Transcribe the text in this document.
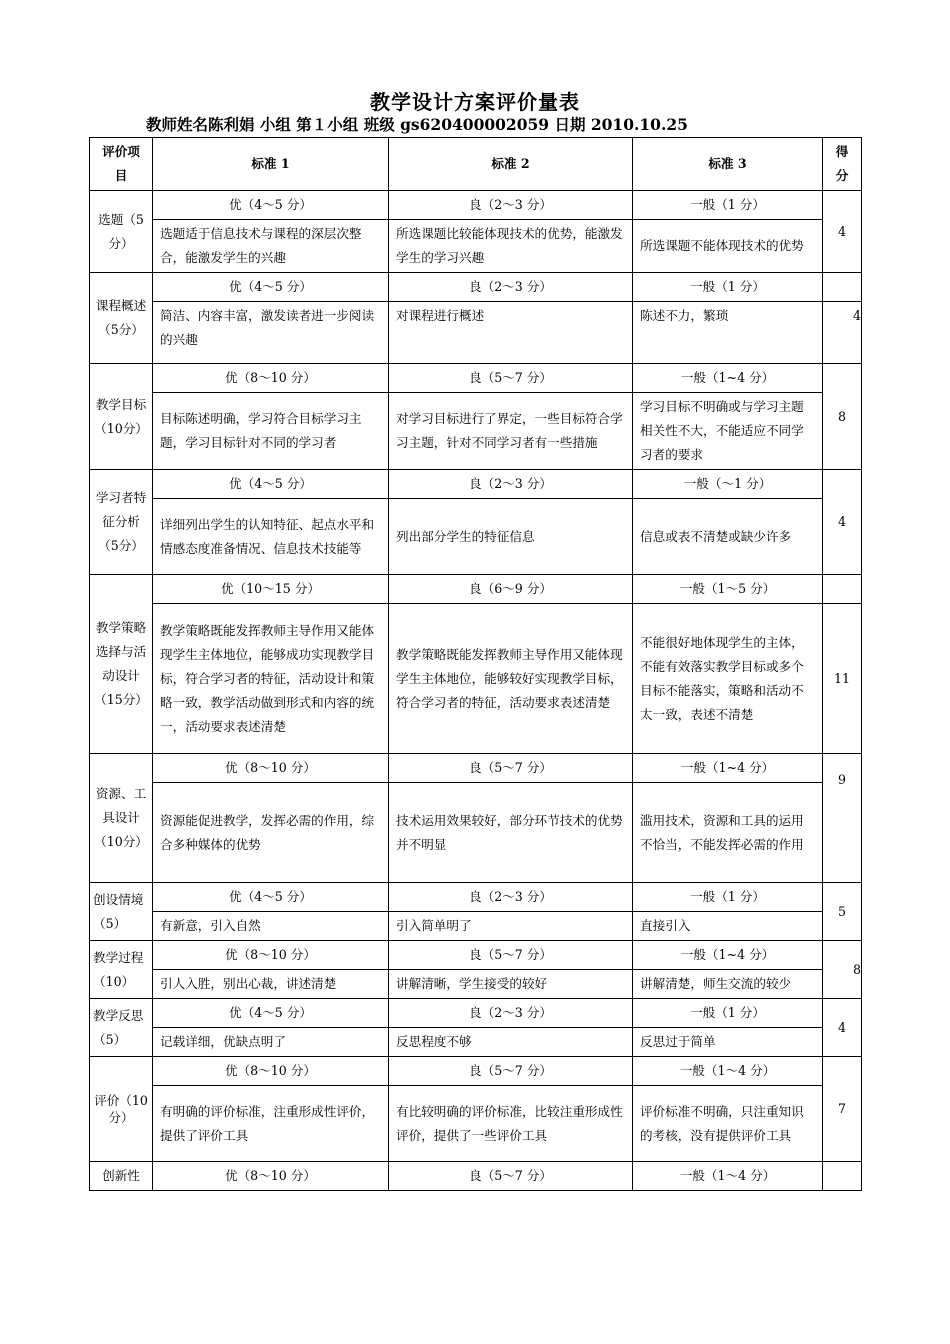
教学设计方案评价量表
教师姓名陈利娟 小组 第１小组 班级 gs620400002059 日期 2010.10.25
评价项目	标准 1	标准 2	标准 3	得分
选题（5分）	优（4～5 分）	良（2～3 分）	一般（1 分）	4
	选题适于信息技术与课程的深层次整合，能激发学生的兴趣	所选课题比较能体现技术的优势，能激发学生的学习兴趣	所选课题不能体现技术的优势	
课程概述（5分）	优（4～5 分）	良（2～3 分）	一般（1 分）	
	简洁、内容丰富，激发读者进一步阅读的兴趣	对课程进行概述	陈述不力，繁琐	4
教学目标（10分）	优（8～10 分）	良（5～7 分）	一般（1~4 分）	8
	目标陈述明确，学习符合目标学习主题，学习目标针对不同的学习者	对学习目标进行了界定，一些目标符合学习主题，针对不同学习者有一些措施	学习目标不明确或与学习主题相关性不大，不能适应不同学习者的要求	
学习者特征分析（5分）	优（4～5 分）	良（2～3 分）	一般（～1 分）	4
	详细列出学生的认知特征、起点水平和情感态度准备情况、信息技术技能等	列出部分学生的特征信息	信息或表不清楚或缺少许多	
教学策略选择与活动设计（15分）	优（10～15 分）	良（6～9 分）	一般（1～5 分）	
	教学策略既能发挥教师主导作用又能体现学生主体地位，能够成功实现教学目标，符合学习者的特征，活动设计和策略一致，教学活动做到形式和内容的统一，活动要求表述清楚	教学策略既能发挥教师主导作用又能体现学生主体地位，能够较好实现教学目标，符合学习者的特征，活动要求表述清楚	不能很好地体现学生的主体，不能有效落实教学目标或多个目标不能落实，策略和活动不太一致，表述不清楚	11
资源、工具设计（10分）	优（8～10 分）	良（5～7 分）	一般（1~4 分）	9
	资源能促进教学，发挥必需的作用，综合多种媒体的优势	技术运用效果较好，部分环节技术的优势并不明显	滥用技术，资源和工具的运用不恰当，不能发挥必需的作用	
创设情境（5）	优（4～5 分）	良（2～3 分）	一般（1 分）	5
	有新意，引入自然	引入简单明了	直接引入	
教学过程（10）	优（8～10 分）	良（5～7 分）	一般（1~4 分）	8
	引人入胜，别出心裁，讲述清楚	讲解清晰，学生接受的较好	讲解清楚，师生交流的较少	
教学反思（5）	优（4～5 分）	良（2～3 分）	一般（1 分）	4
	记载详细，优缺点明了	反思程度不够	反思过于简单	
评价（10分）	优（8～10 分）	良（5～7 分）	一般（1～4 分）	7
	有明确的评价标准，注重形成性评价，提供了评价工具	有比较明确的评价标准，比较注重形成性评价，提供了一些评价工具	评价标准不明确，只注重知识的考核，没有提供评价工具	
创新性	优（8～10 分）	良（5～7 分）	一般（1～4 分）	
